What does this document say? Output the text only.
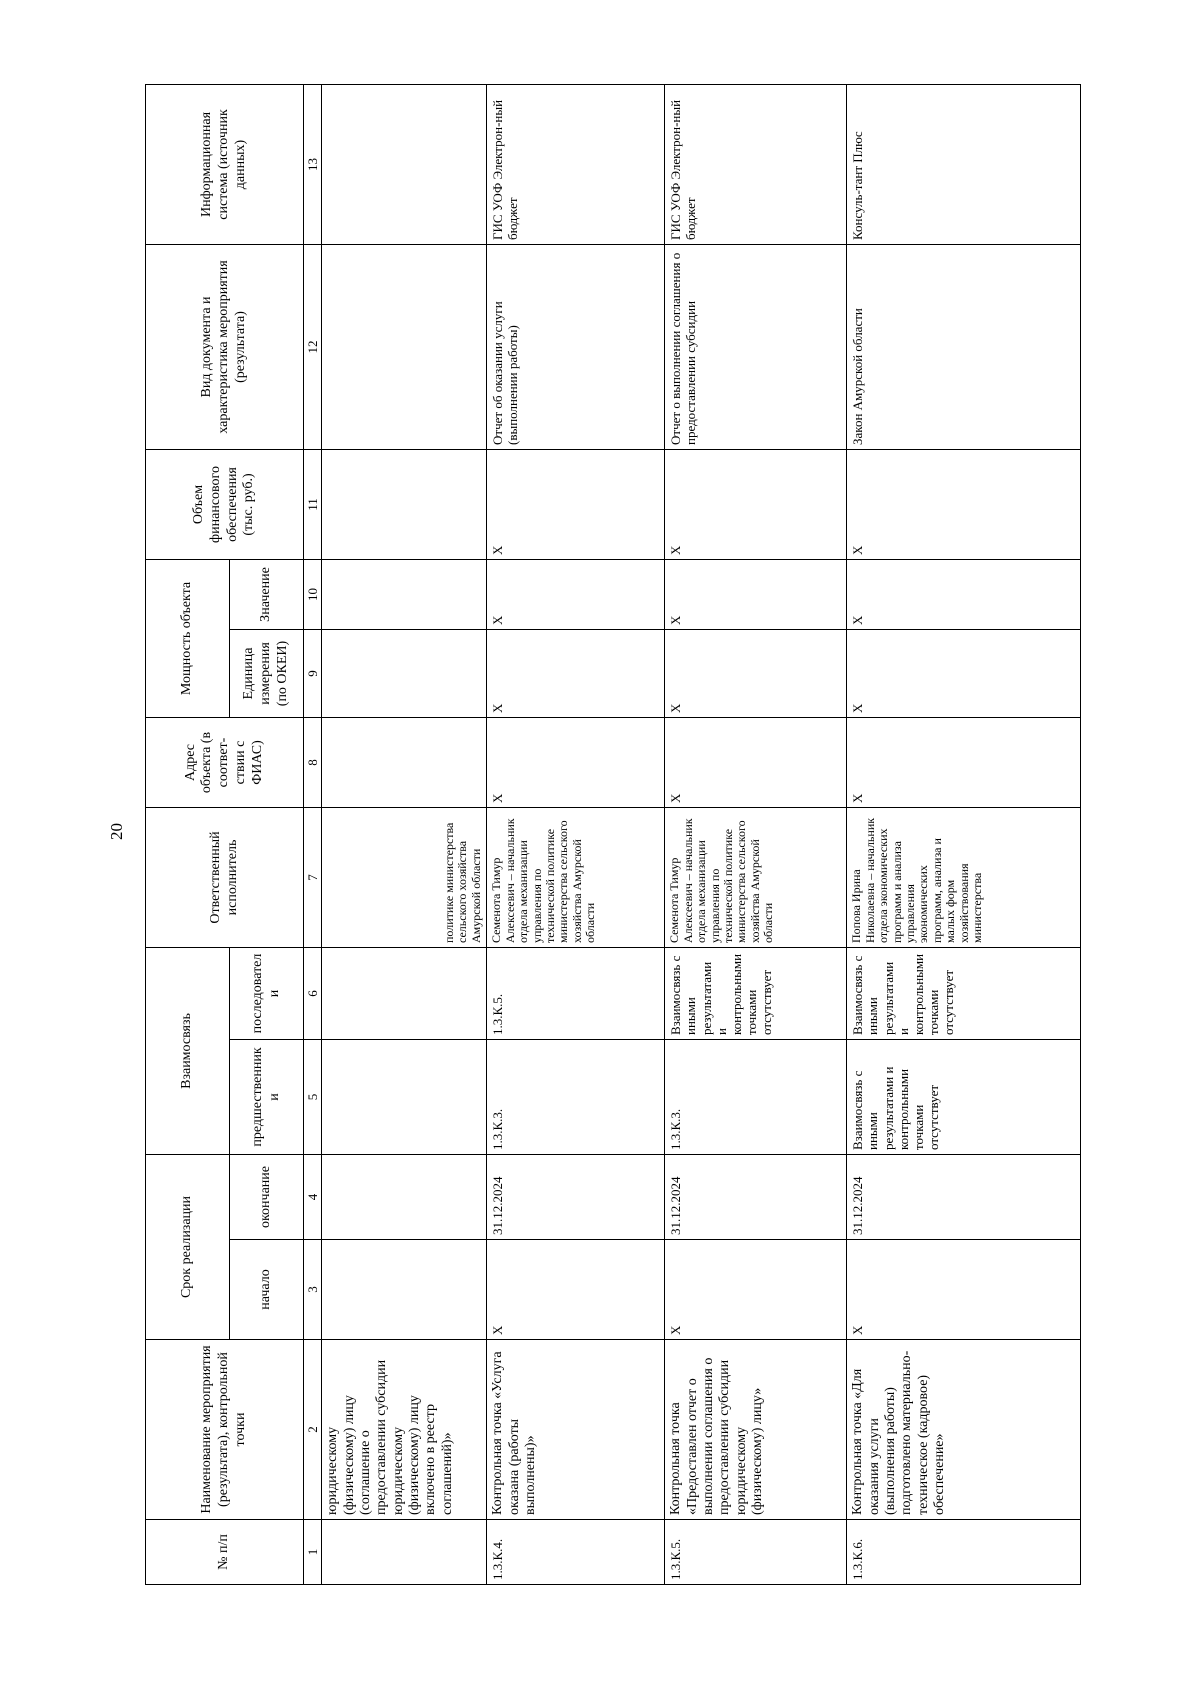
20
№ п/п	Наименование мероприятия (результата), контрольной точки	Срок реализации		Взаимосвязь		Ответственный исполнитель	Адрес объекта (в соответ-ствии с ФИАС)	Мощность объекта		Объем финансового обеспечения (тыс. руб.)	Вид документа и характеристика мероприятия (результата)	Информационная система (источник данных)
		начало	окончание	предшественники	последователи			Единица измерения (по ОКЕИ)	Значение			
1	2	3	4	5	6	7	8	9	10	11	12	13
	юридическому (физическому) лицу (соглашение о предоставлении субсидии юридическому (физическому) лицу включено в реестр соглашений)»					политике министерства сельского хозяйства Амурской области						
1.3.К.4.	Контрольная точка «Услуга оказана (работы выполнены)»	X	31.12.2024	1.3.К.3.	1.3.К.5.	Семенота Тимур Алексеевич – начальник отдела механизации управления по технической политике министерства сельского хозяйства Амурской области	X	X	X	X	Отчет об оказании услуги (выполнении работы)	ГИС УОФ Электрон-ный бюджет
1.3.К.5.	Контрольная точка «Предоставлен отчет о выполнении соглашения о предоставлении субсидии юридическому (физическому) лицу»	X	31.12.2024	1.3.К.3.	Взаимосвязь с иными результатами и контрольными точками отсутствует	Семенота Тимур Алексеевич – начальник отдела механизации управления по технической политике министерства сельского хозяйства Амурской области	X	X	X	X	Отчет о выполнении соглашения о предоставлении субсидии	ГИС УОФ Электрон-ный бюджет
1.3.К.6.	Контрольная точка «Для оказания услуги (выполнения работы) подготовлено материально-техническое (кадровое) обеспечение»	X	31.12.2024	Взаимосвязь с иными результатами и контрольными точками отсутствует	Взаимосвязь с иными результатами и контрольными точками отсутствует	Попова Ирина Николаевна – начальник отдела экономических программ и анализа управления экономических программ, анализа и малых форм хозяйствования министерства	X	X	X	X	Закон Амурской области	Консуль-тант Плюс
